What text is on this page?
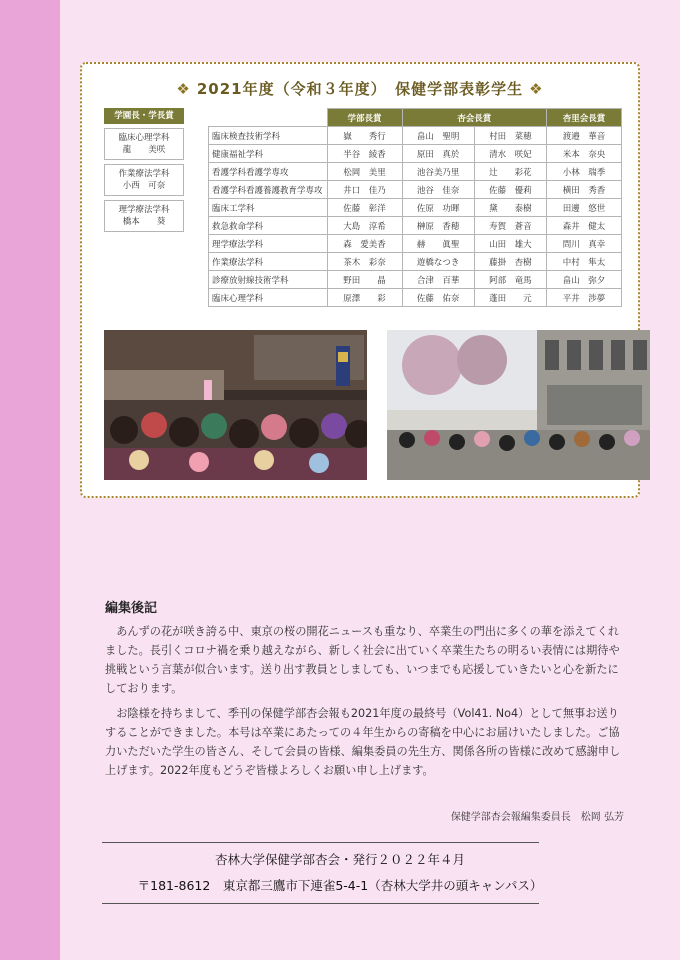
❖ 2021年度（令和３年度）　保健学部表彰学生 ❖
学園長・学長賞
臨床心理学科
龍　　美咲
作業療法学科
小西　可奈
理学療法学科
橋本　　葵
	学部長賞	杏会長賞		杏里会長賞
臨床検査技術学科	嶽　　秀行	畠山　聖明	村田　菜穂	渡邉　華音
健康福祉学科	半谷　綾香	原田　真於	清水　咲妃	米本　奈央
看護学科看護学専攻	松岡　美里	池谷美乃里	辻　　彩花	小林　瑞季
看護学科看護養護教育学専攻	井口　佳乃	池谷　佳奈	佐藤　優莉	横田　秀香
臨床工学科	佐藤　彰洋	佐原　功暉	黛　　泰樹	田邊　悠世
救急救命学科	大島　淳希	榊原　香穂	寿賀　蒼音	森井　健太
理学療法学科	森　愛美香	赫　　眞聖	山田　雄大	問川　真幸
作業療法学科	茶木　彩奈	遊橋なつき	藤掛　杏樹	中村　隼太
診療放射線技術学科	野田　　晶	合津　百華	阿部　竜馬	畠山　弥夕
臨床心理学科	原澤　　彩	佐藤　佑奈	蓬田　　元	平井　渉夢
編集後記
あんずの花が咲き誇る中、東京の桜の開花ニュースも重なり、卒業生の門出に多くの華を添えてくれました。長引くコロナ禍を乗り越えながら、新しく社会に出ていく卒業生たちの明るい表情には期待や挑戦という言葉が似合います。送り出す教員としましても、いつまでも応援していきたいと心を新たにしております。
お陰様を持ちまして、季刊の保健学部杏会報も2021年度の最終号（Vol41. No4）として無事お送りすることができました。本号は卒業にあたっての４年生からの寄稿を中心にお届けいたしました。ご協力いただいた学生の皆さん、そして会員の皆様、編集委員の先生方、関係各所の皆様に改めて感謝申し上げます。2022年度もどうぞ皆様よろしくお願い申し上げます。
保健学部杏会報編集委員長　松岡 弘芳
杏林大学保健学部杏会・発行２０２２年４月
〒181-8612　東京都三鷹市下連雀5-4-1（杏林大学井の頭キャンパス）
